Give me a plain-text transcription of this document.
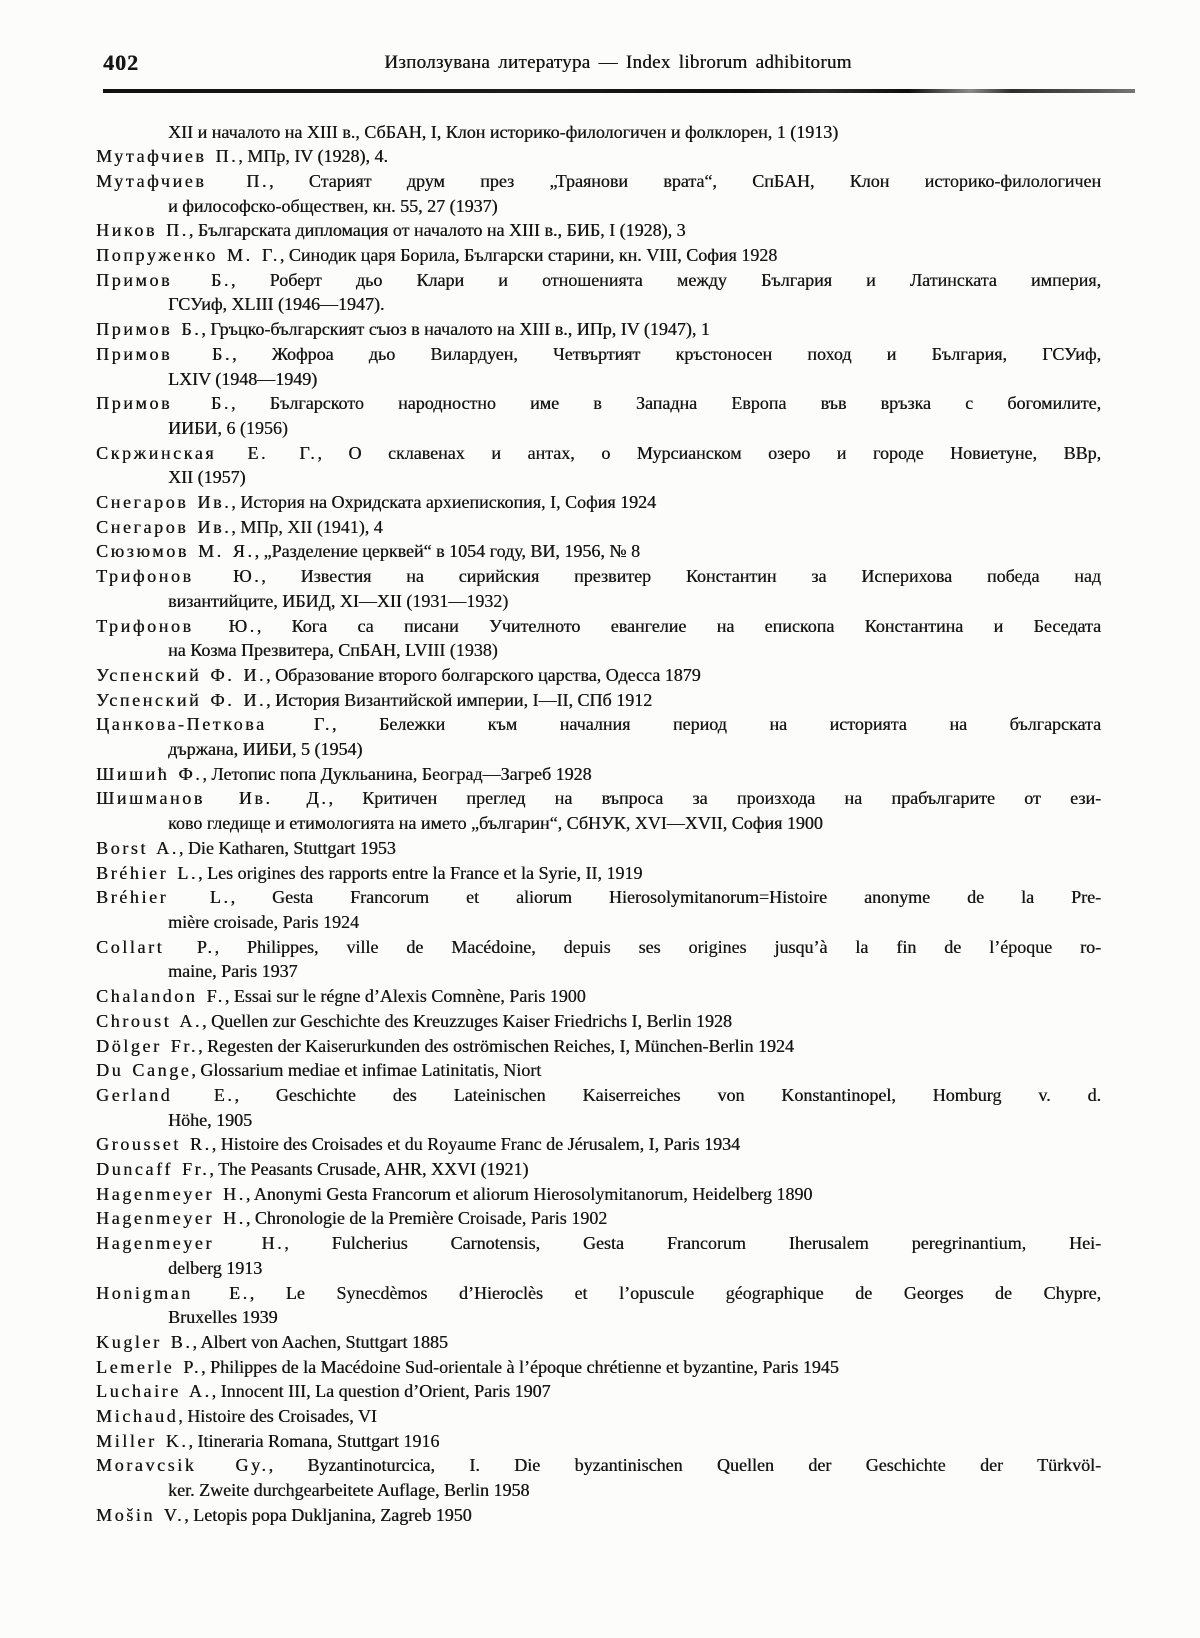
402	Използувана литература — Index librorum adhibitorum
XII и началото на XIII в., СбБАН, I, Клон историко-филологичен и фолклорен, 1 (1913)
Мутафчиев П., МПр, IV (1928), 4.
Мутафчиев П., Старият друм през „Траянови врата“, СпБАН, Клон историко-филологичен
и философско-обществен, кн. 55, 27 (1937)
Ников П., Българската дипломация от началото на XIII в., БИБ, I (1928), 3
Попруженко М. Г., Синодик царя Борила, Български старини, кн. VIII, София 1928
Примов Б., Роберт дьо Клари и отношенията между България и Латинската империя,
ГСУиф, XLIII (1946—1947).
Примов Б., Гръцко-българският съюз в началото на XIII в., ИПр, IV (1947), 1
Примов Б., Жофроа дьо Вилардуен, Четвъртият кръстоносен поход и България, ГСУиф,
LXIV (1948—1949)
Примов Б., Българското народностно име в Западна Европа във връзка с богомилите,
ИИБИ, 6 (1956)
Скржинская Е. Г., О склавенах и антах, о Мурсианском озеро и городе Новиетуне, ВВр,
XII (1957)
Снегаров Ив., История на Охридската архиепископия, I, София 1924
Снегаров Ив., МПр, XII (1941), 4
Сюзюмов М. Я., „Разделение церквей“ в 1054 году, ВИ, 1956, № 8
Трифонов Ю., Известия на сирийския презвитер Константин за Исперихова победа над
византийците, ИБИД, XI—XII (1931—1932)
Трифонов Ю., Кога са писани Учителното евангелие на епископа Константина и Беседата
на Козма Презвитера, СпБАН, LVIII (1938)
Успенский Ф. И., Образование второго болгарского царства, Одесса 1879
Успенский Ф. И., История Византийской империи, I—II, СПб 1912
Цанкова-Петкова Г., Бележки към началния период на историята на българската
държана, ИИБИ, 5 (1954)
Шишић Ф., Летопис попа Дукльанина, Београд—Загреб 1928
Шишманов Ив. Д., Критичен преглед на въпроса за произхода на прабългарите от ези-
ково гледище и етимологията на името „българин“, СбНУК, XVI—XVII, София 1900
Borst A., Die Katharen, Stuttgart 1953
Bréhier L., Les origines des rapports entre la France et la Syrie, II, 1919
Bréhier L., Gesta Francorum et aliorum Hierosolymitanorum=Histoire anonyme de la Pre-
mière croisade, Paris 1924
Collart P., Philippes, ville de Macédoine, depuis ses origines jusqu’à la fin de l’époque ro-
maine, Paris 1937
Chalandon F., Essai sur le régne d’Alexis Comnène, Paris 1900
Chroust A., Quellen zur Geschichte des Kreuzzuges Kaiser Friedrichs I, Berlin 1928
Dölger Fr., Regesten der Kaiserurkunden des oströmischen Reiches, I, München-Berlin 1924
Du Cange, Glossarium mediae et infimae Latinitatis, Niort
Gerland E., Geschichte des Lateinischen Kaiserreiches von Konstantinopel, Homburg v. d.
Höhe, 1905
Grousset R., Histoire des Croisades et du Royaume Franc de Jérusalem, I, Paris 1934
Duncaff Fr., The Peasants Crusade, AHR, XXVI (1921)
Hagenmeyer H., Anonymi Gesta Francorum et aliorum Hierosolymitanorum, Heidelberg 1890
Hagenmeyer H., Chronologie de la Première Croisade, Paris 1902
Hagenmeyer H., Fulcherius Carnotensis, Gesta Francorum Iherusalem peregrinantium, Hei-
delberg 1913
Honigman E., Le Synecdèmos d’Hieroclès et l’opuscule géographique de Georges de Chypre,
Bruxelles 1939
Kugler B., Albert von Aachen, Stuttgart 1885
Lemerle P., Philippes de la Macédoine Sud-orientale à l’époque chrétienne et byzantine, Paris 1945
Luchaire A., Innocent III, La question d’Orient, Paris 1907
Michaud, Histoire des Croisades, VI
Miller K., Itineraria Romana, Stuttgart 1916
Moravcsik Gy., Byzantinoturcica, I. Die byzantinischen Quellen der Geschichte der Türkvöl-
ker. Zweite durchgearbeitete Auflage, Berlin 1958
Mošin V., Letopis popa Dukljanina, Zagreb 1950
